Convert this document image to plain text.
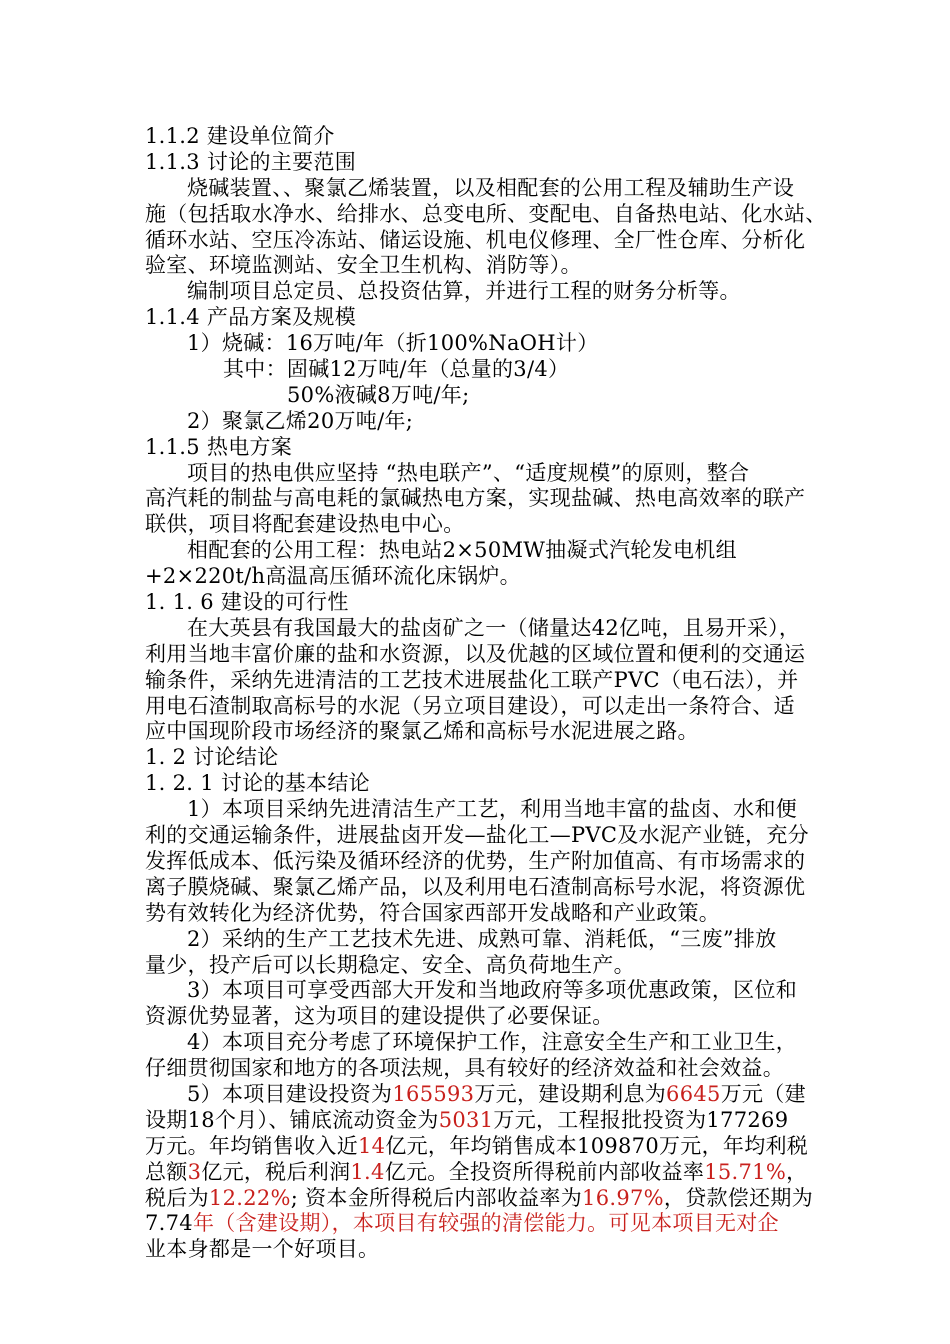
1.1.2 建设单位简介
1.1.3 讨论的主要范围
烧碱装置、、聚氯乙烯装置，以及相配套的公用工程及辅助生产设
施（包括取水净水、给排水、总变电所、变配电、自备热电站、化水站、
循环水站、空压冷冻站、储运设施、机电仪修理、全厂性仓库、分析化
验室、环境监测站、安全卫生机构、消防等）。
编制项目总定员、总投资估算，并进行工程的财务分析等。
1.1.4 产品方案及规模
1）烧碱：16万吨/年（折100%NaOH计）
其中：固碱12万吨/年（总量的3/4）
50%液碱8万吨/年;
2）聚氯乙烯20万吨/年;
1.1.5 热电方案
项目的热电供应坚持 “热电联产”、“适度规模”的原则，整合
高汽耗的制盐与高电耗的氯碱热电方案，实现盐碱、热电高效率的联产
联供，项目将配套建设热电中心。
相配套的公用工程：热电站2×50MW抽凝式汽轮发电机组
+2×220t/h高温高压循环流化床锅炉。
1. 1. 6 建设的可行性
在大英县有我国最大的盐卤矿之一（储量达42亿吨，且易开采），
利用当地丰富价廉的盐和水资源，以及优越的区域位置和便利的交通运
输条件，采纳先进清洁的工艺技术进展盐化工联产PVC（电石法），并
用电石渣制取高标号的水泥（另立项目建设），可以走出一条符合、适
应中国现阶段市场经济的聚氯乙烯和高标号水泥进展之路。
1. 2 讨论结论
1. 2. 1 讨论的基本结论
1）本项目采纳先进清洁生产工艺，利用当地丰富的盐卤、水和便
利的交通运输条件，进展盐卤开发—盐化工—PVC及水泥产业链，充分
发挥低成本、低污染及循环经济的优势，生产附加值高、有市场需求的
离子膜烧碱、聚氯乙烯产品，以及利用电石渣制高标号水泥，将资源优
势有效转化为经济优势，符合国家西部开发战略和产业政策。
2）采纳的生产工艺技术先进、成熟可靠、消耗低，“三废”排放
量少，投产后可以长期稳定、安全、高负荷地生产。
3）本项目可享受西部大开发和当地政府等多项优惠政策，区位和
资源优势显著，这为项目的建设提供了必要保证。
4）本项目充分考虑了环境保护工作，注意安全生产和工业卫生，
仔细贯彻国家和地方的各项法规，具有较好的经济效益和社会效益。
5）本项目建设投资为165593万元，建设期利息为6645万元（建
设期18个月）、铺底流动资金为5031万元，工程报批投资为177269
万元。年均销售收入近14亿元，年均销售成本109870万元，年均利税
总额3亿元，税后利润1.4亿元。全投资所得税前内部收益率15.71%，
税后为12.22%; 资本金所得税后内部收益率为16.97%，贷款偿还期为
7.74年（含建设期），本项目有较强的清偿能力。可见本项目无对企
业本身都是一个好项目。
